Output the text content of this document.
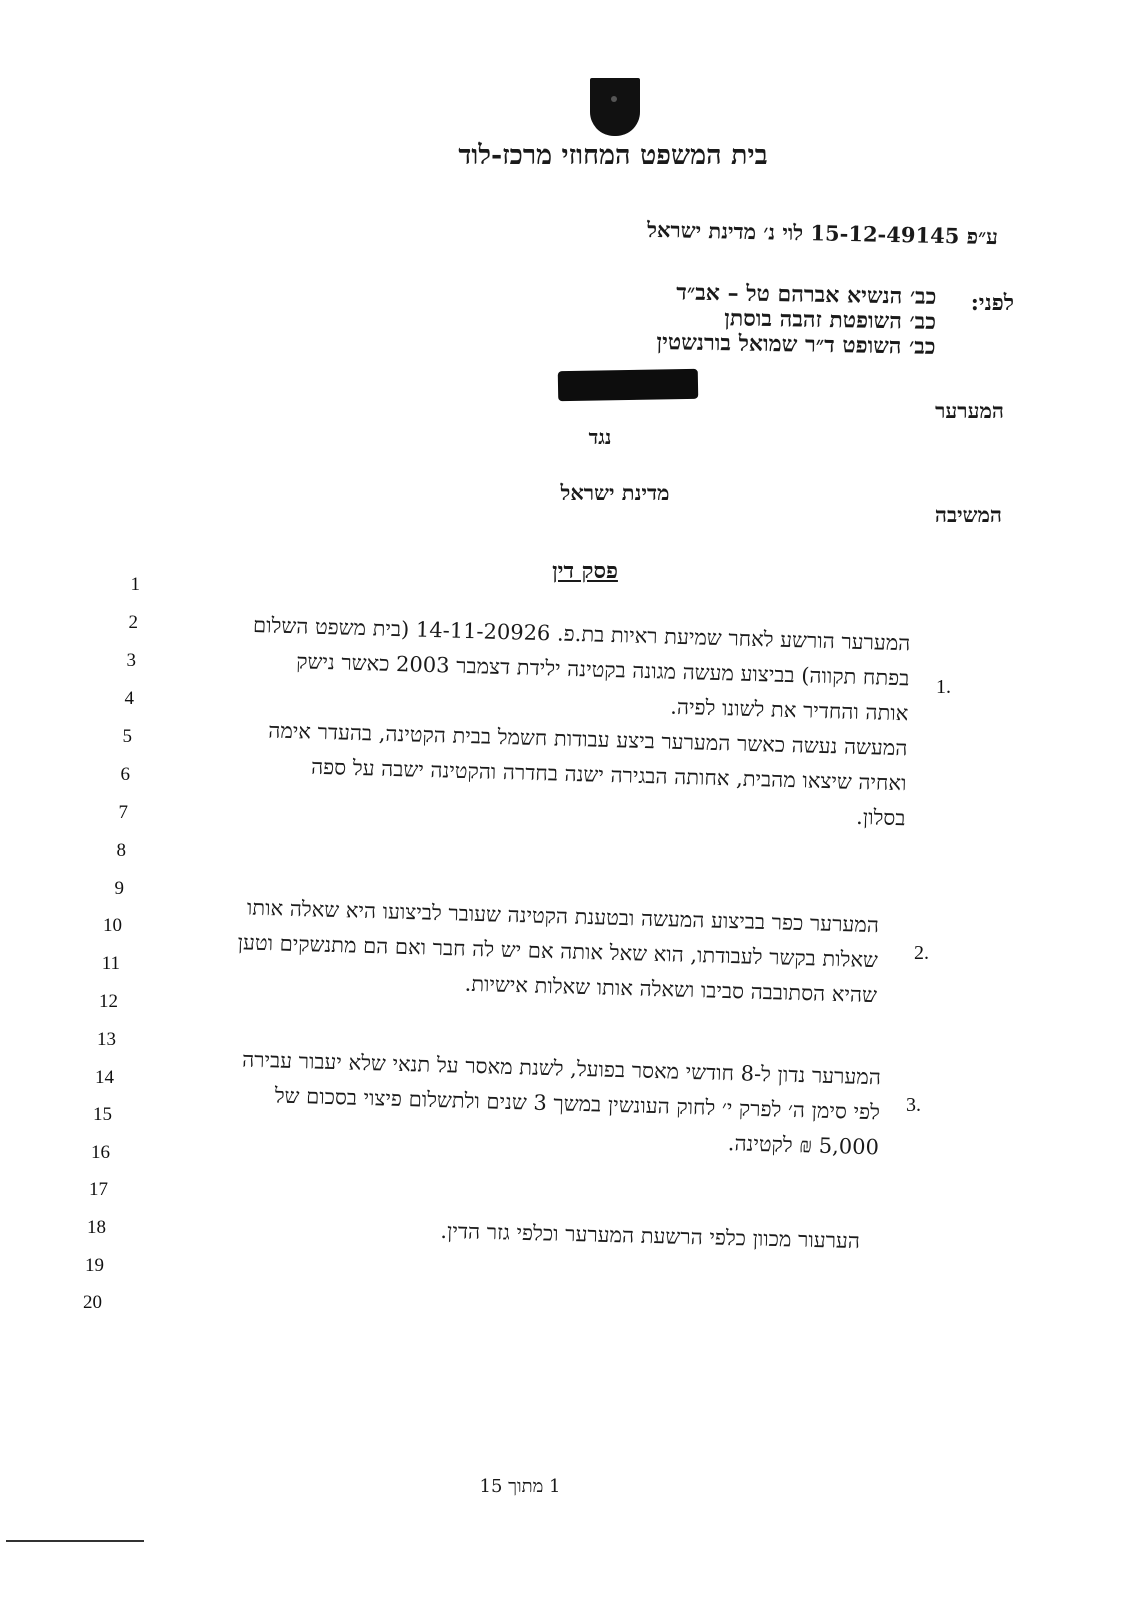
בית המשפט המחוזי מרכז-לוד
ע״פ 15-12-49145 לוי נ׳ מדינת ישראל
לפני:
כב׳ הנשיא אברהם טל – אב״ד
כב׳ השופטת זהבה בוסתן
כב׳ השופט ד״ר שמואל בורנשטין
המערער
נגד
מדינת ישראל
המשיבה
פסק דין
1
2
3
4
5
6
7
8
9
10
11
12
13
14
15
16
17
18
19
20
1.
2.
3.
המערער הורשע לאחר שמיעת ראיות בת.פ. 14-11-20926 (בית משפט השלום
בפתח תקווה) בביצוע מעשה מגונה בקטינה ילידת דצמבר 2003 כאשר נישק
אותה והחדיר את לשונו לפיה.
המעשה נעשה כאשר המערער ביצע עבודות חשמל בבית הקטינה, בהעדר אימה
ואחיה שיצאו מהבית, אחותה הבגירה ישנה בחדרה והקטינה ישבה על ספה
בסלון.
המערער כפר בביצוע המעשה ובטענת הקטינה שעובר לביצועו היא שאלה אותו
שאלות בקשר לעבודתו, הוא שאל אותה אם יש לה חבר ואם הם מתנשקים וטען
שהיא הסתובבה סביבו ושאלה אותו שאלות אישיות.
המערער נדון ל-8 חודשי מאסר בפועל, לשנת מאסר על תנאי שלא יעבור עבירה
לפי סימן ה׳ לפרק י׳ לחוק העונשין במשך 3 שנים ולתשלום פיצוי בסכום של
5,000 ₪ לקטינה.
הערעור מכוון כלפי הרשעת המערער וכלפי גזר הדין.
1 מתוך 15
